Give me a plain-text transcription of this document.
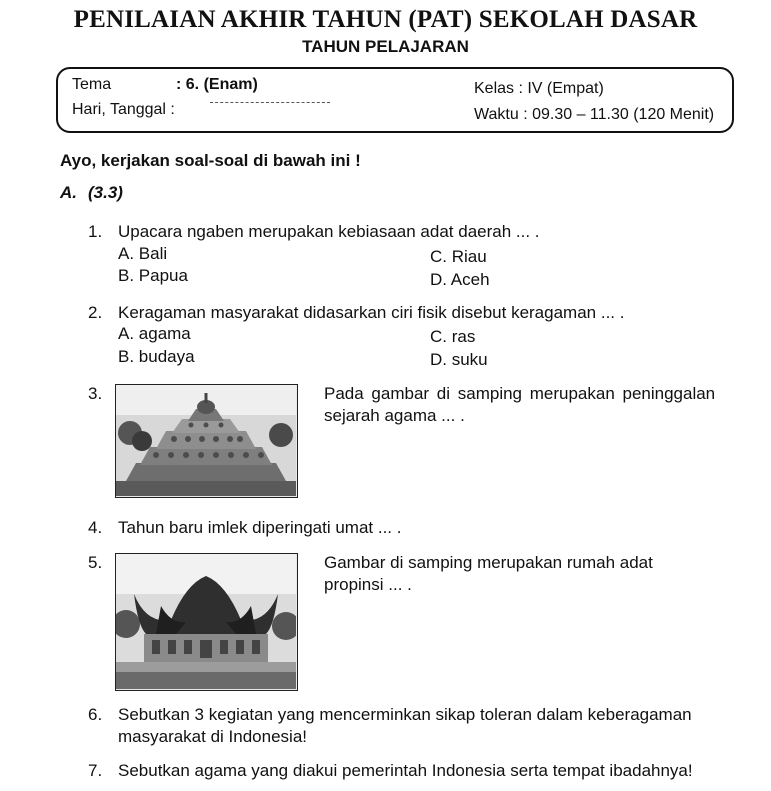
PENILAIAN AKHIR TAHUN (PAT) SEKOLAH DASAR
TAHUN PELAJARAN
Tema	: 6. (Enam)
Hari, Tanggal :
Kelas : IV (Empat)
Waktu : 09.30 – 11.30 (120 Menit)
Ayo, kerjakan soal-soal di bawah ini !
A. (3.3)
1. Upacara ngaben merupakan kebiasaan adat daerah ... .
A. Bali	C. Riau
B. Papua	D. Aceh
2. Keragaman masyarakat didasarkan ciri fisik disebut keragaman ... .
A. agama	C. ras
B. budaya	D. suku
3.	Pada gambar di samping merupakan peninggalan
sejarah agama ... .
4. Tahun baru imlek diperingati umat ... .
5.	Gambar di samping merupakan rumah adat
propinsi ... .
6. Sebutkan 3 kegiatan yang mencerminkan sikap toleran dalam keberagaman
masyarakat di Indonesia!
7. Sebutkan agama yang diakui pemerintah Indonesia serta tempat ibadahnya!
